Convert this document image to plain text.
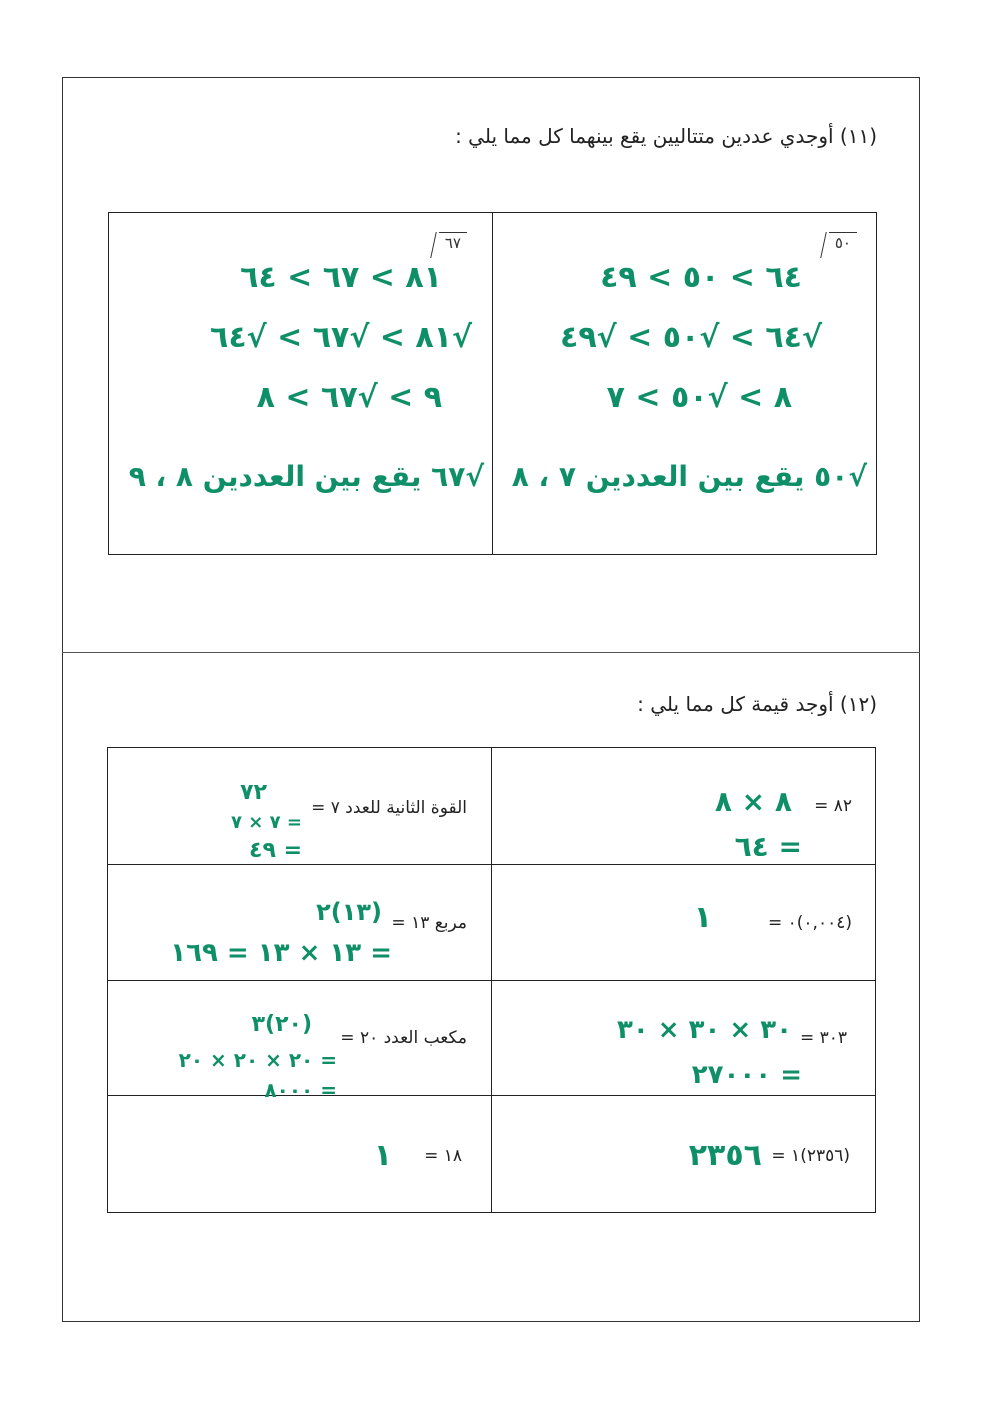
(١١) أوجدي عددين متتاليين يقع بينهما كل مما يلي :
٥٠
٦٤ > ٥٠ > ٤٩
√٦٤ > √٥٠ > √٤٩
٨ > √٥٠ > ٧
√٥٠ يقع بين العددين ٧ ، ٨
٦٧
٨١ > ٦٧ > ٦٤
√٨١ > √٦٧ > √٦٤
٩ > √٦٧ > ٨
√٦٧ يقع بين العددين ٨ ، ٩
(١٢) أوجد قيمة كل مما يلي :
٨٢ =
٨ × ٨
= ٦٤
القوة الثانية للعدد ٧ =
٧٢
= ٧ × ٧
= ٤٩
(٠,٠٠٤)٠ =
١
مربع ١٣ =
(١٣)٢
= ١٣ × ١٣ = ١٦٩
٣٠٣ =
٣٠ × ٣٠ × ٣٠
= ٢٧٠٠٠
مكعب العدد ٢٠ =
(٢٠)٣
= ٢٠ × ٢٠ × ٢٠
= ٨٠٠٠
(٢٣٥٦)١ =
٢٣٥٦
١٨ =
١
